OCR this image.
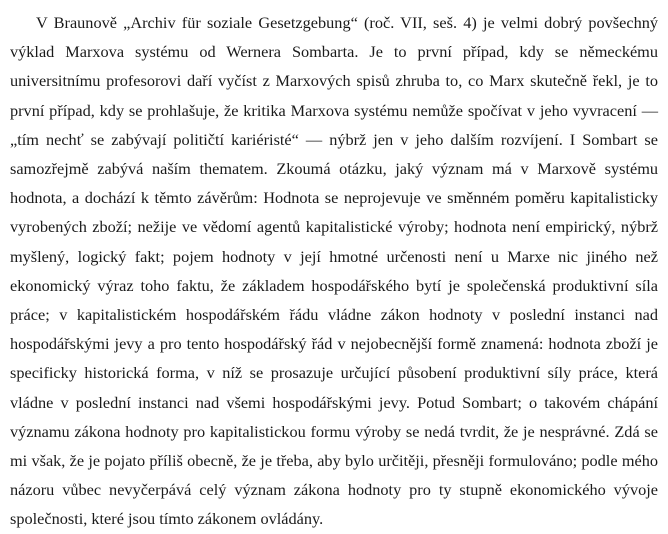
V Braunově „Archiv für soziale Gesetzgebung“ (roč. VII, seš. 4) je velmi dobrý povšechný výklad Marxova systému od Wernera Sombarta. Je to první případ, kdy se německému universitnímu profesorovi daří vyčíst z Marxových spisů zhruba to, co Marx skutečně řekl, je to první případ, kdy se prohlašuje, že kritika Marxova systému nemůže spočívat v jeho vyvracení — „tím nechť se zabývají političtí kariéristé“ — nýbrž jen v jeho dalším rozvíjení. I Sombart se samozřejmě zabývá naším thematem. Zkoumá otázku, jaký význam má v Marxově systému hodnota, a dochází k těmto závěrům: Hodnota se neprojevuje ve směnném poměru kapitalisticky vyrobených zboží; nežije ve vědomí agentů kapitalistické výroby; hodnota není empirický, nýbrž myšlený, logický fakt; pojem hodnoty v její hmotné určenosti není u Marxe nic jiného než ekonomický výraz toho faktu, že základem hospodářského bytí je společenská produktivní síla práce; v kapitalistickém hospodářském řádu vládne zákon hodnoty v poslední instanci nad hospodářskými jevy a pro tento hospodářský řád v nejobecnější formě znamená: hodnota zboží je specificky historická forma, v níž se prosazuje určující působení produktivní síly práce, která vládne v poslední instanci nad všemi hospodářskými jevy. Potud Sombart; o takovém chápání významu zákona hodnoty pro kapitalistickou formu výroby se nedá tvrdit, že je nesprávné. Zdá se mi však, že je pojato příliš obecně, že je třeba, aby bylo určitěji, přesněji formulováno; podle mého názoru vůbec nevyčerpává celý význam zákona hodnoty pro ty stupně ekonomického vývoje společnosti, které jsou tímto zákonem ovládány.
